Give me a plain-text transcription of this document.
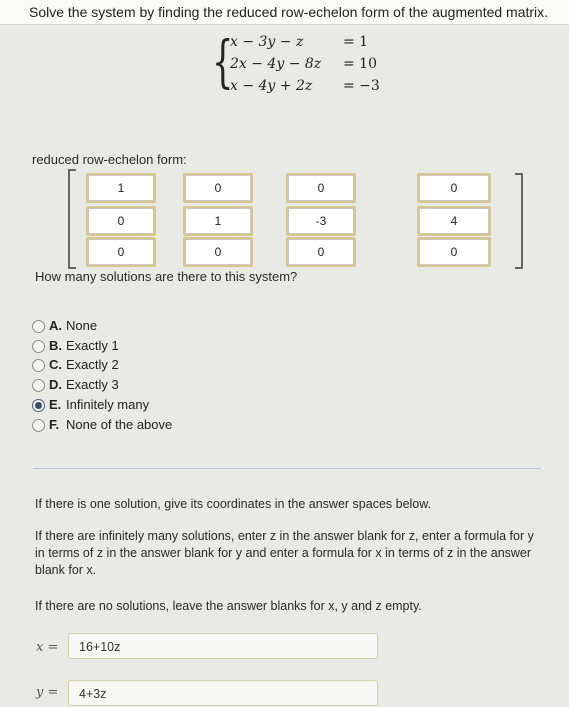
Solve the system by finding the reduced row-echelon form of the augmented matrix.
{
x − 3y − z	= 1
2x − 4y − 8z = 10
x − 4y + 2z = −3
reduced row-echelon form:
1	0	0	0
0	1	-3	4
0	0	0	0
How many solutions are there to this system?
A. None
B. Exactly 1
C. Exactly 2
D. Exactly 3
E. Infinitely many
F. None of the above
If there is one solution, give its coordinates in the answer spaces below.
If there are infinitely many solutions, enter z in the answer blank for z, enter a formula for y in terms of z in the answer blank for y and enter a formula for x in terms of z in the answer blank for x.
If there are no solutions, leave the answer blanks for x, y and z empty.
x =	16+10z
y =	4+3z
